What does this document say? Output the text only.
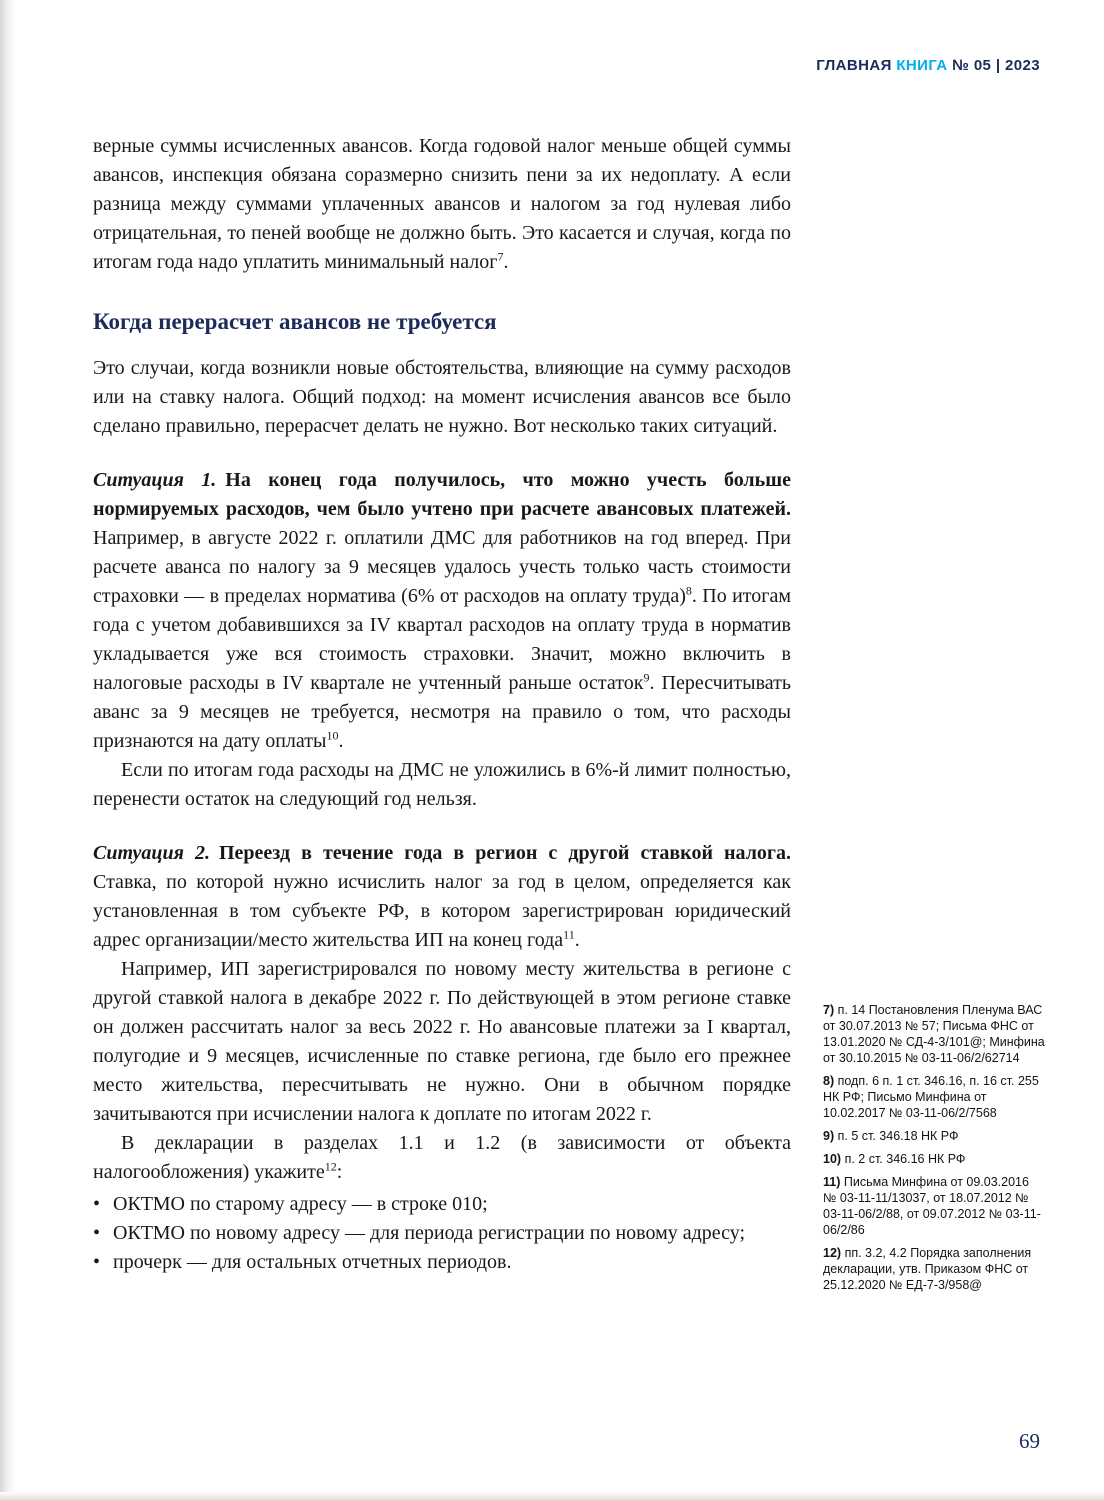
ГЛАВНАЯ КНИГА № 05 | 2023

верные суммы исчисленных авансов. Когда годовой налог меньше общей суммы авансов, инспекция обязана соразмерно снизить пени за их недоплату. А если разница между суммами уплаченных авансов и налогом за год нулевая либо отрицательная, то пеней вообще не должно быть. Это касается и случая, когда по итогам года надо уплатить минимальный налог$^7$.

Когда перерасчет авансов не требуется

Это случаи, когда возникли новые обстоятельства, влияющие на сумму расходов или на ставку налога. Общий подход: на момент исчисления авансов все было сделано правильно, перерасчет делать не нужно. Вот несколько таких ситуаций.

Ситуация 1. На конец года получилось, что можно учесть больше нормируемых расходов, чем было учтено при расчете авансовых платежей. Например, в августе 2022 г. оплатили ДМС для работников на год вперед. При расчете аванса по налогу за 9 месяцев удалось учесть только часть стоимости страховки — в пределах норматива (6% от расходов на оплату труда)$^8$. По итогам года с учетом добавившихся за IV квартал расходов на оплату труда в норматив укладывается уже вся стоимость страховки. Значит, можно включить в налоговые расходы в IV квартале не учтенный раньше остаток$^9$. Пересчитывать аванс за 9 месяцев не требуется, несмотря на правило о том, что расходы признаются на дату оплаты$^{10}$.

Если по итогам года расходы на ДМС не уложились в 6%-й лимит полностью, перенести остаток на следующий год нельзя.

Ситуация 2. Переезд в течение года в регион с другой ставкой налога. Ставка, по которой нужно исчислить налог за год в целом, определяется как установленная в том субъекте РФ, в котором зарегистрирован юридический адрес организации/место жительства ИП на конец года$^{11}$.

Например, ИП зарегистрировался по новому месту жительства в регионе с другой ставкой налога в декабре 2022 г. По действующей в этом регионе ставке он должен рассчитать налог за весь 2022 г. Но авансовые платежи за I квартал, полугодие и 9 месяцев, исчисленные по ставке региона, где было его прежнее место жительства, пересчитывать не нужно. Они в обычном порядке зачитываются при исчислении налога к доплате по итогам 2022 г.

В декларации в разделах 1.1 и 1.2 (в зависимости от объекта налогообложения) укажите$^{12}$:

• ОКТМО по старому адресу — в строке 010;
• ОКТМО по новому адресу — для периода регистрации по новому адресу;
• прочерк — для остальных отчетных периодов.
7) п. 14 Постановления Пленума ВАС от 30.07.2013 № 57; Письма ФНС от 13.01.2020 № СД-4-3/101@; Минфина от 30.10.2015 № 03-11-06/2/62714
8) подп. 6 п. 1 ст. 346.16, п. 16 ст. 255 НК РФ; Письмо Минфина от 10.02.2017 № 03-11-06/2/7568
9) п. 5 ст. 346.18 НК РФ
10) п. 2 ст. 346.16 НК РФ
11) Письма Минфина от 09.03.2016 № 03-11-11/13037, от 18.07.2012 № 03-11-06/2/88, от 09.07.2012 № 03-11-06/2/86
12) пп. 3.2, 4.2 Порядка заполнения декларации, утв. Приказом ФНС от 25.12.2020 № ЕД-7-3/958@
69
